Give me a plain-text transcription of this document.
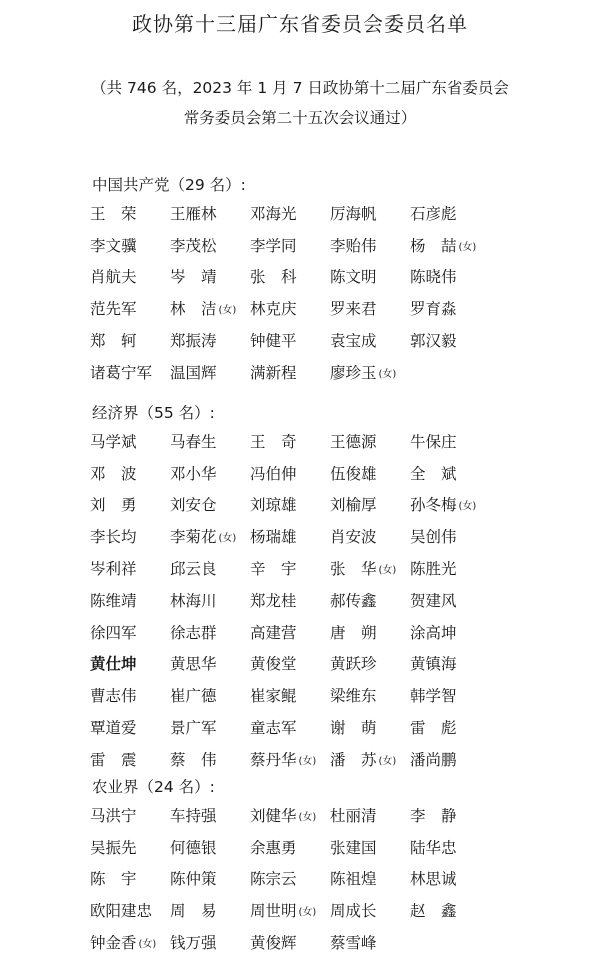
政协第十三届广东省委员会委员名单
（共 746 名，2023 年 1 月 7 日政协第十二届广东省委员会
常务委员会第二十五次会议通过）
中国共产党（29 名）:
王　荣	王雁林	邓海光	厉海帆	石彦彪
李文骥	李茂松	李学同	李贻伟	杨　喆 (女)
肖航夫	岑　靖	张　科	陈文明	陈晓伟
范先军	林　洁 (女) 林克庆	罗来君	罗育淼
郑　轲	郑振涛	钟健平	袁宝成	郭汉毅
诸葛宁军	温国辉	满新程	廖珍玉 (女)
经济界（55 名）:
马学斌	马春生	王　奇	王德源	牛保庄
邓　波	邓小华	冯伯伸	伍俊雄	全　斌
刘　勇	刘安仓	刘琼雄	刘榆厚	孙冬梅 (女)
李长均	李菊花 (女) 杨瑞雄	肖安波	吴创伟
岑利祥	邱云良	辛　宇	张　华 (女) 陈胜光
陈维靖	林海川	郑龙桂	郝传鑫	贺建风
徐四军	徐志群	高建营	唐　朔	涂高坤
黄仕坤	黄思华	黄俊堂	黄跃珍	黄镇海
曹志伟	崔广德	崔家鲲	梁维东	韩学智
覃道爱	景广军	童志军	谢　萌	雷　彪
雷　震	蔡　伟	蔡丹华 (女) 潘　苏 (女) 潘尚鹏
农业界（24 名）:
马洪宁	车持强	刘健华 (女) 杜丽清	李　静
吴振先	何德银	余惠勇	张建国	陆华忠
陈　宇	陈仲策	陈宗云	陈祖煌	林思诚
欧阳建忠	周　易	周世明 (女) 周成长	赵　鑫
钟金香 (女) 钱万强	黄俊辉	蔡雪峰
